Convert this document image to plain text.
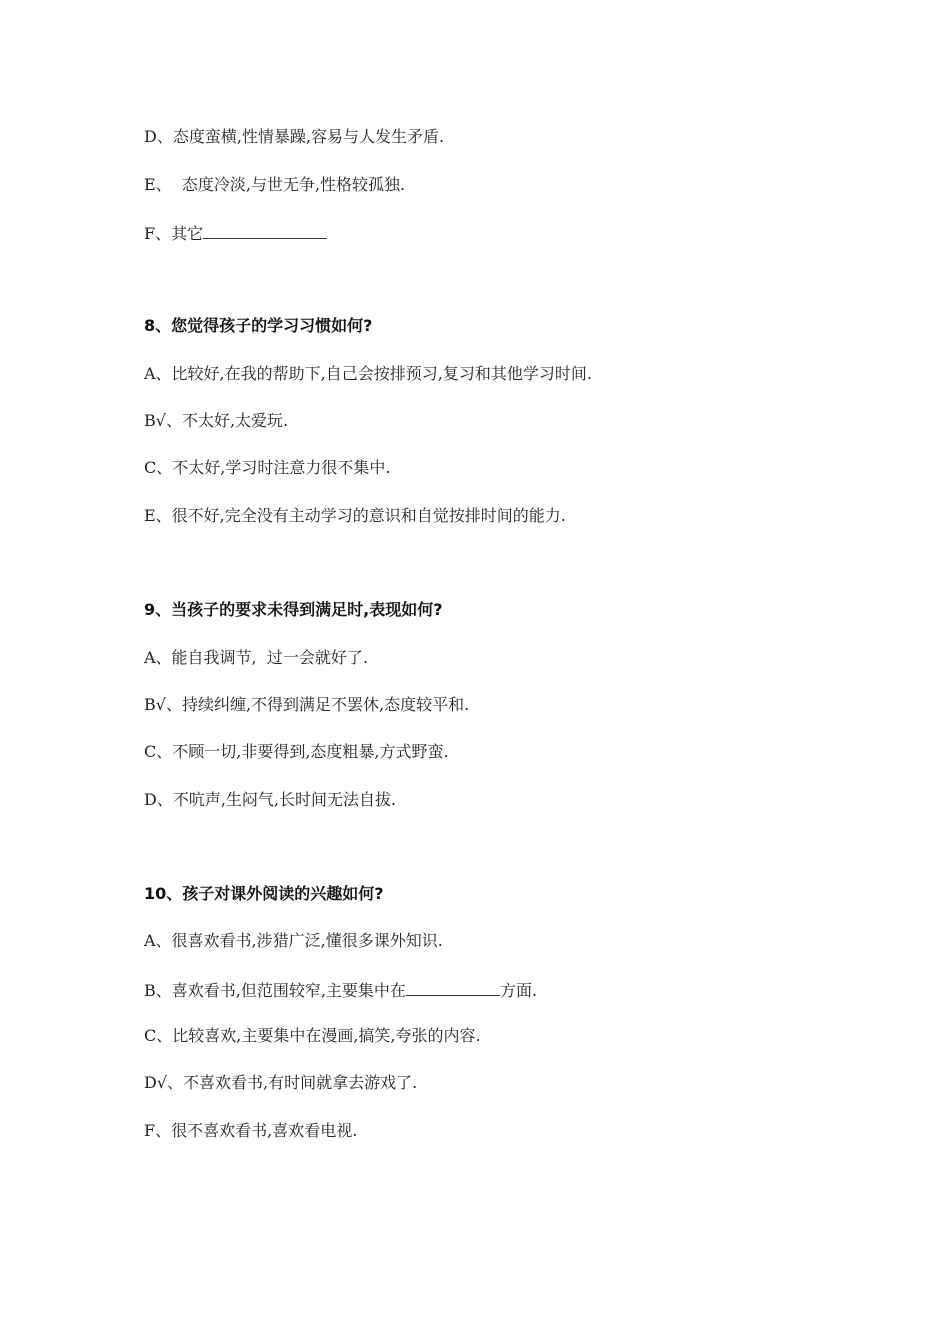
D、态度蛮横,性情暴躁,容易与人发生矛盾.
E、  态度冷淡,与世无争,性格较孤独.
F、其它
8、您觉得孩子的学习习惯如何?
A、比较好,在我的帮助下,自己会按排预习,复习和其他学习时间.
B√、不太好,太爱玩.
C、不太好,学习时注意力很不集中.
E、很不好,完全没有主动学习的意识和自觉按排时间的能力.
9、当孩子的要求未得到满足时,表现如何?
A、能自我调节,  过一会就好了.
B√、持续纠缠,不得到满足不罢休,态度较平和.
C、不顾一切,非要得到,态度粗暴,方式野蛮.
D、不吭声,生闷气,长时间无法自拔.
10、孩子对课外阅读的兴趣如何?
A、很喜欢看书,涉猎广泛,懂很多课外知识.
B、喜欢看书,但范围较窄,主要集中在	方面.
C、比较喜欢,主要集中在漫画,搞笑,夸张的内容.
D√、不喜欢看书,有时间就拿去游戏了.
F、很不喜欢看书,喜欢看电视.
